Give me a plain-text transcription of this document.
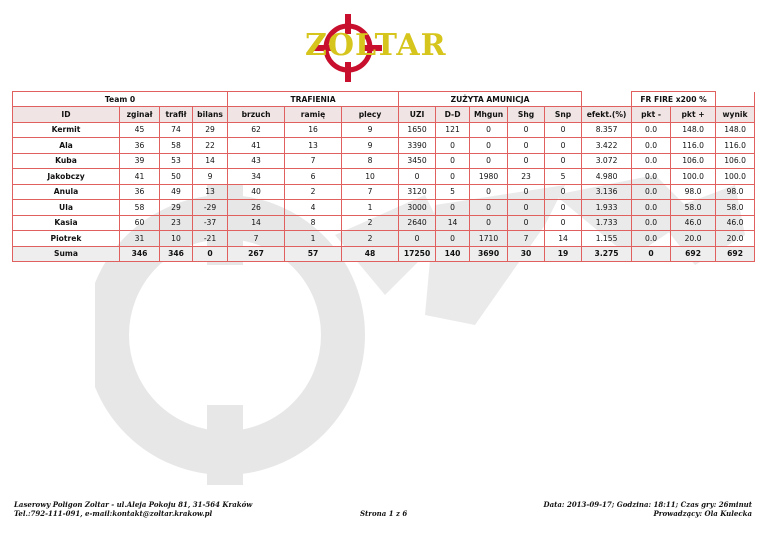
ZOLTAR
Team 0				TRAFIENIA			ZUŻYTA AMUNICJA						FR FIRE x200 %		
ID	zginał	trafił	bilans	brzuch	ramię	plecy	UZI	D-D	Mhgun	Shg	Snp	efekt.(%)	pkt -	pkt +	wynik
Kermit	45	74	29	62	16	9	1650	121	0	0	0	8.357	0.0	148.0	148.0
Ala	36	58	22	41	13	9	3390	0	0	0	0	3.422	0.0	116.0	116.0
Kuba	39	53	14	43	7	8	3450	0	0	0	0	3.072	0.0	106.0	106.0
Jakobczy	41	50	9	34	6	10	0	0	1980	23	5	4.980	0.0	100.0	100.0
Anula	36	49	13	40	2	7	3120	5	0	0	0	3.136	0.0	98.0	98.0
Ula	58	29	-29	26	4	1	3000	0	0	0	0	1.933	0.0	58.0	58.0
Kasia	60	23	-37	14	8	2	2640	14	0	0	0	1.733	0.0	46.0	46.0
Piotrek	31	10	-21	7	1	2	0	0	1710	7	14	1.155	0.0	20.0	20.0
Suma	346	346	0	267	57	48	17250	140	3690	30	19	3.275	0	692	692
Laserowy Poligon Zoltar - ul.Aleja Pokoju 81, 31-564 Kraków
Tel.:792-111-091, e-mail:kontakt@zoltar.krakow.pl	Strona 1 z 6
Data: 2013-09-17; Godzina: 18:11; Czas gry: 26minut
Prowadzący: Ola Kulecka
